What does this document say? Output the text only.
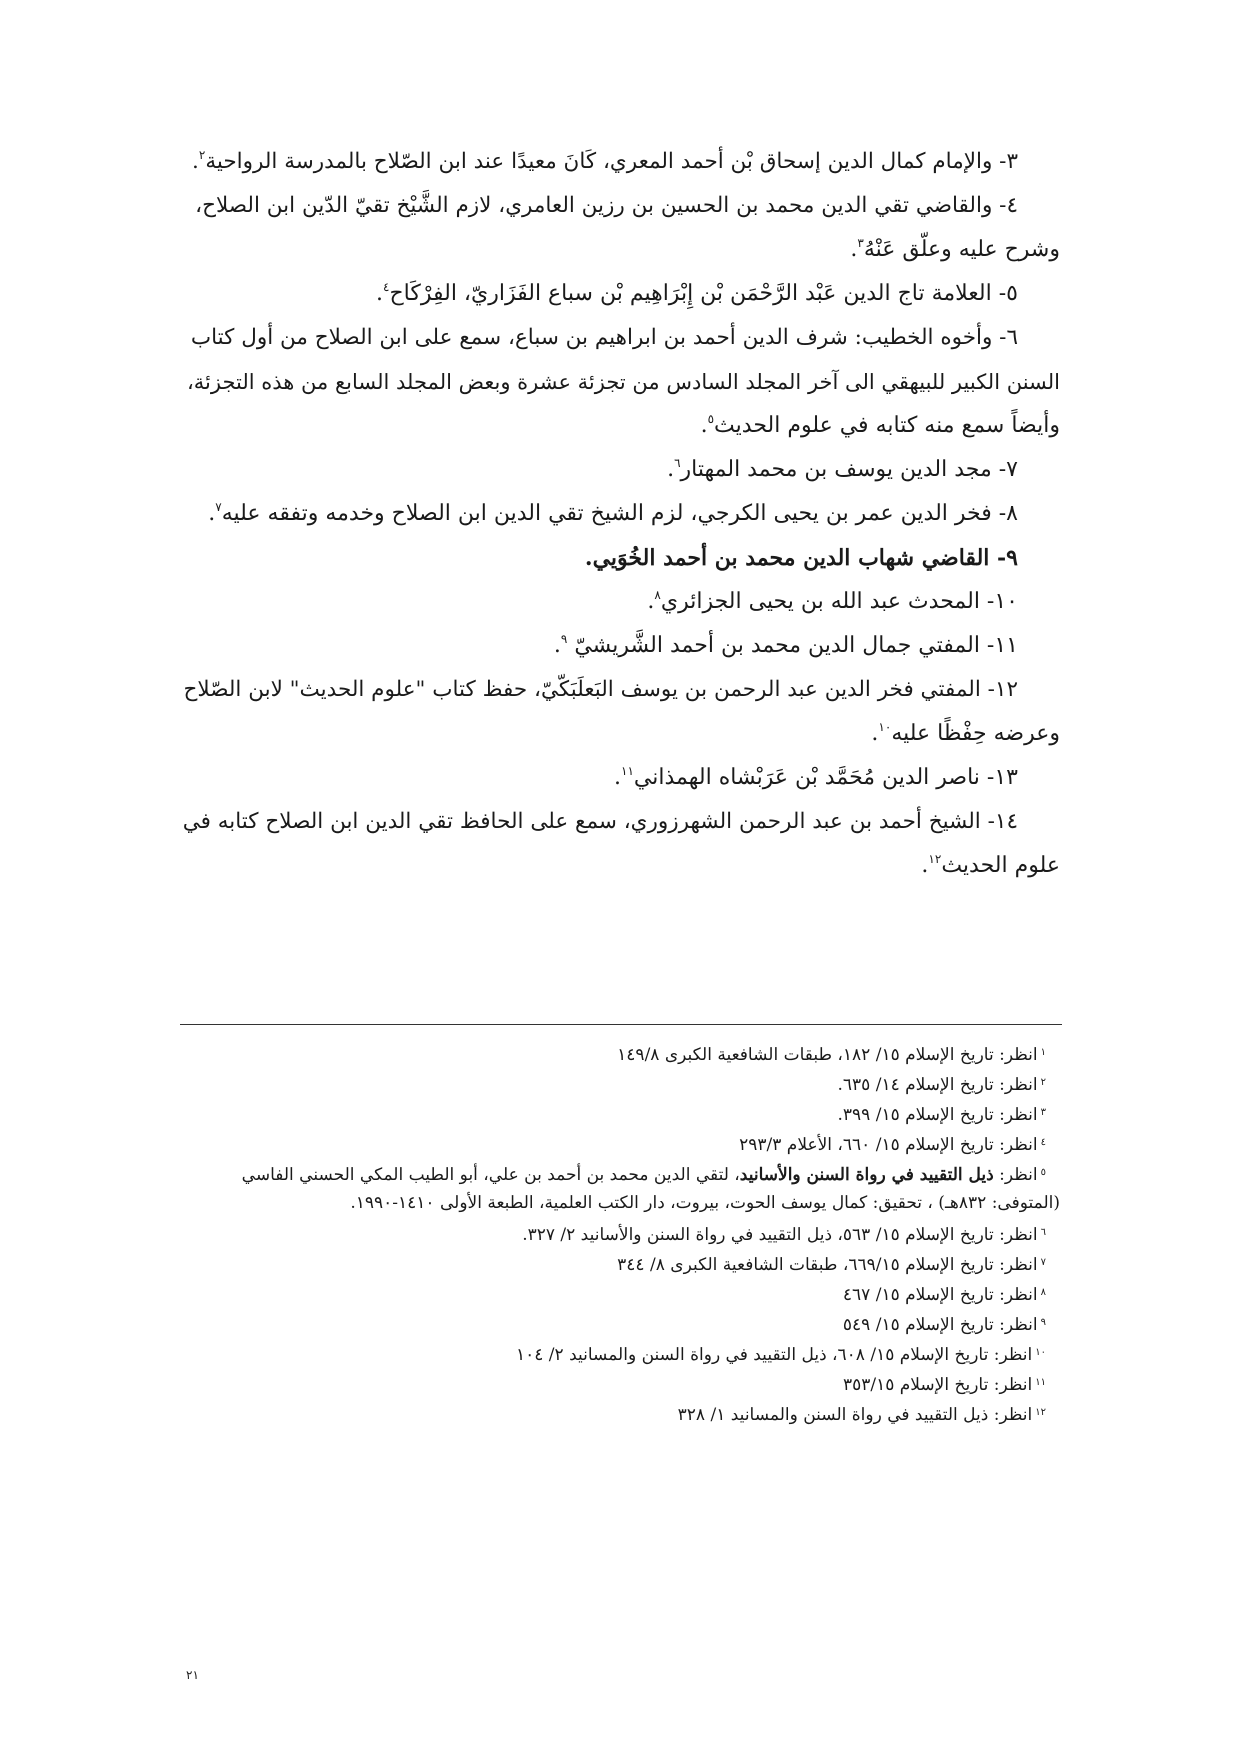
٣- والإمام كمال الدين إسحاق بْن أحمد المعري، كَانَ معيدًا عند ابن الصّلاح بالمدرسة الرواحية$^٢$.
٤- والقاضي تقي الدين محمد بن الحسين بن رزين العامري، لازم الشَّيْخ تقيّ الدّين ابن الصلاح،
وشرح عليه وعلّق عَنْهُ$^٣$.
٥- العلامة تاج الدين عَبْد الرَّحْمَن بْن إِبْرَاهِيم بْن سباع الفَزَاريّ، الفِرْكَاح$^٤$.
٦- وأخوه الخطيب: شرف الدين أحمد بن ابراهيم بن سباع، سمع على ابن الصلاح من أول كتاب
السنن الكبير للبيهقي الى آخر المجلد السادس من تجزئة عشرة وبعض المجلد السابع من هذه التجزئة،
وأيضاً سمع منه كتابه في علوم الحديث$^٥$.
٧- مجد الدين يوسف بن محمد المهتار$^٦$.
٨- فخر الدين عمر بن يحيى الكرجي، لزم الشيخ تقي الدين ابن الصلاح وخدمه وتفقه عليه$^٧$.
٩- القاضي شهاب الدين محمد بن أحمد الخُوَيي.
١٠- المحدث عبد الله بن يحيى الجزائري$^٨$.
١١- المفتي جمال الدين محمد بن أحمد الشَّريشيّ $^٩$.
١٢- المفتي فخر الدين عبد الرحمن بن يوسف البَعلَبَكّيّ، حفظ كتاب "علوم الحديث" لابن الصّلاح
وعرضه حِفْظًا عليه$^{١٠}$.
١٣- ناصر الدين مُحَمَّد بْن عَرَبْشاه الهمذاني$^{١١}$.
١٤- الشيخ أحمد بن عبد الرحمن الشهرزوري، سمع على الحافظ تقي الدين ابن الصلاح كتابه في
علوم الحديث$^{١٢}$.
$^١$انظر: تاريخ الإسلام ١٥/ ١٨٢، طبقات الشافعية الكبرى ١٤٩/٨
$^٢$انظر: تاريخ الإسلام ١٤/ ٦٣٥.
$^٣$انظر: تاريخ الإسلام ١٥/ ٣٩٩.
$^٤$انظر: تاريخ الإسلام ١٥/ ٦٦٠، الأعلام ٢٩٣/٣
$^٥$انظر: ذيل التقييد في رواة السنن والأسانيد، لتقي الدين محمد بن أحمد بن علي، أبو الطيب المكي الحسني الفاسي
(المتوفى: ٨٣٢هـ) ، تحقيق: كمال يوسف الحوت، بيروت، دار الكتب العلمية، الطبعة الأولى ١٤١٠-١٩٩٠.
$^٦$انظر: تاريخ الإسلام ١٥/ ٥٦٣، ذيل التقييد في رواة السنن والأسانيد ٢/ ٣٢٧.
$^٧$انظر: تاريخ الإسلام ٦٦٩/١٥، طبقات الشافعية الكبرى ٨/ ٣٤٤
$^٨$انظر: تاريخ الإسلام ١٥/ ٤٦٧
$^٩$انظر: تاريخ الإسلام ١٥/ ٥٤٩
$^{١٠}$انظر: تاريخ الإسلام ١٥/ ٦٠٨، ذيل التقييد في رواة السنن والمسانيد ٢/ ١٠٤
$^{١١}$انظر: تاريخ الإسلام ٣٥٣/١٥
$^{١٢}$انظر: ذيل التقييد في رواة السنن والمسانيد ١/ ٣٢٨
٢١
